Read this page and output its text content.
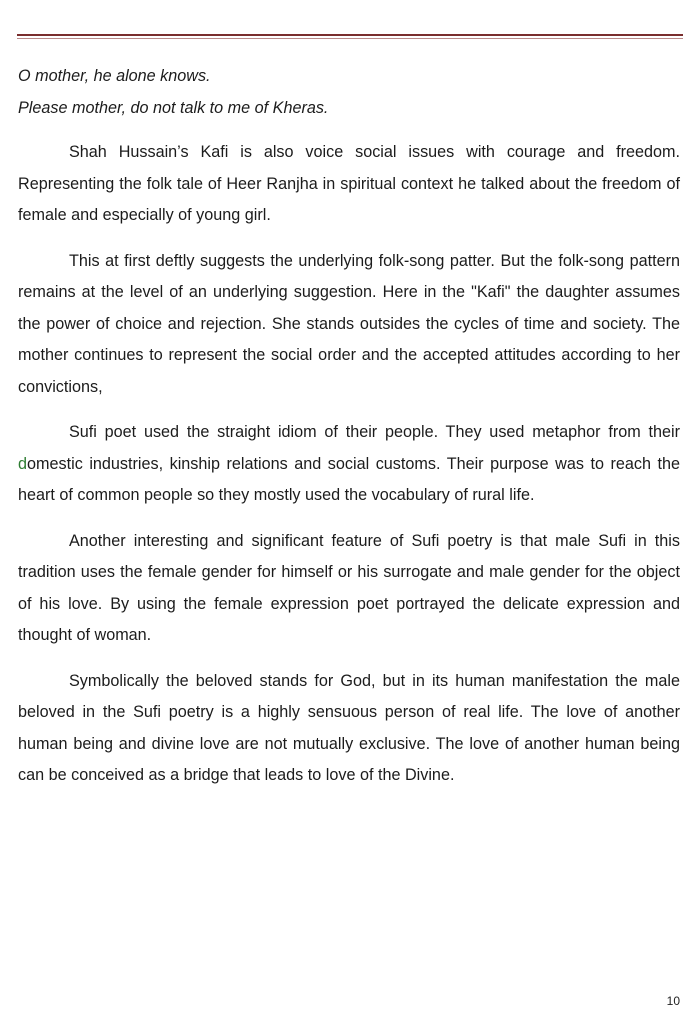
O mother, he alone knows.

Please mother, do not talk to me of Kheras.

Shah Hussain’s Kafi is also voice social issues with courage and freedom. Representing the folk tale of Heer Ranjha in spiritual context he talked about the freedom of female and especially of young girl.

This at first deftly suggests the underlying folk-song patter. But the folk-song pattern remains at the level of an underlying suggestion. Here in the "Kafi" the daughter assumes the power of choice and rejection. She stands outsides the cycles of time and society. The mother continues to represent the social order and the accepted attitudes according to her convictions,

Sufi poet used the straight idiom of their people. They used metaphor from their domestic industries, kinship relations and social customs. Their purpose was to reach the heart of common people so they mostly used the vocabulary of rural life.

Another interesting and significant feature of Sufi poetry is that male Sufi in this tradition uses the female gender for himself or his surrogate and male gender for the object of his love. By using the female expression poet portrayed the delicate expression and thought of woman.

Symbolically the beloved stands for God, but in its human manifestation the male beloved in the Sufi poetry is a highly sensuous person of real life. The love of another human being and divine love are not mutually exclusive. The love of another human being can be conceived as a bridge that leads to love of the Divine.

10
